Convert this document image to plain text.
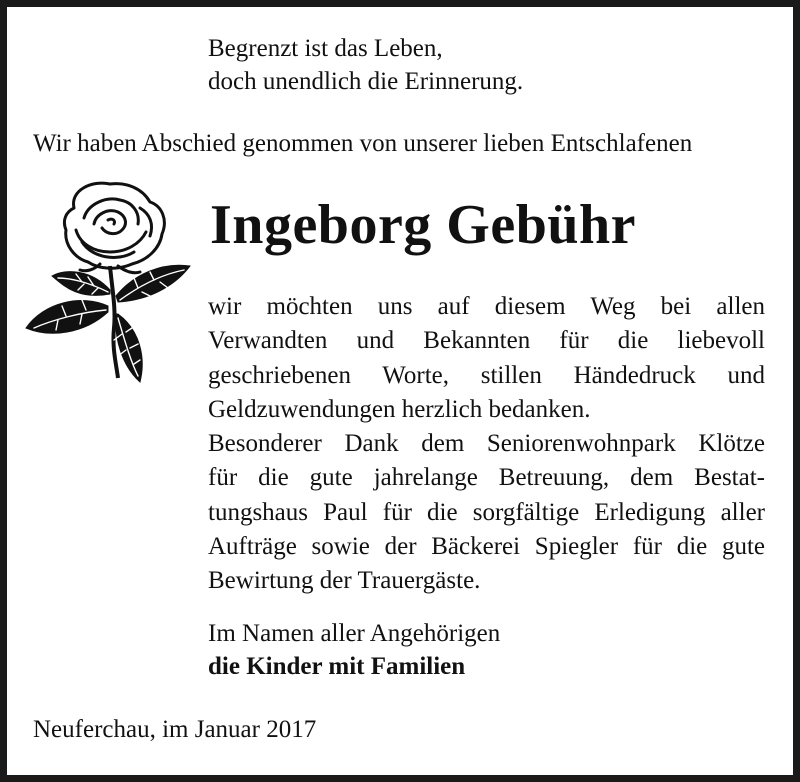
Begrenzt ist das Leben,
doch unendlich die Erinnerung.

Wir haben Abschied genommen von unserer lieben Entschlafenen

Ingeborg Gebühr
wir möchten uns auf diesem Weg bei allen
Verwandten und Bekannten für die liebevoll
geschriebenen Worte, stillen Händedruck und
Geldzuwendungen herzlich bedanken.
Besonderer Dank dem Seniorenwohnpark Klötze
für die gute jahrelange Betreuung, dem Bestat-
tungshaus Paul für die sorgfältige Erledigung aller
Aufträge sowie der Bäckerei Spiegler für die gute
Bewirtung der Trauergäste.

Im Namen aller Angehörigen

die Kinder mit Familien

Neuferchau, im Januar 2017
